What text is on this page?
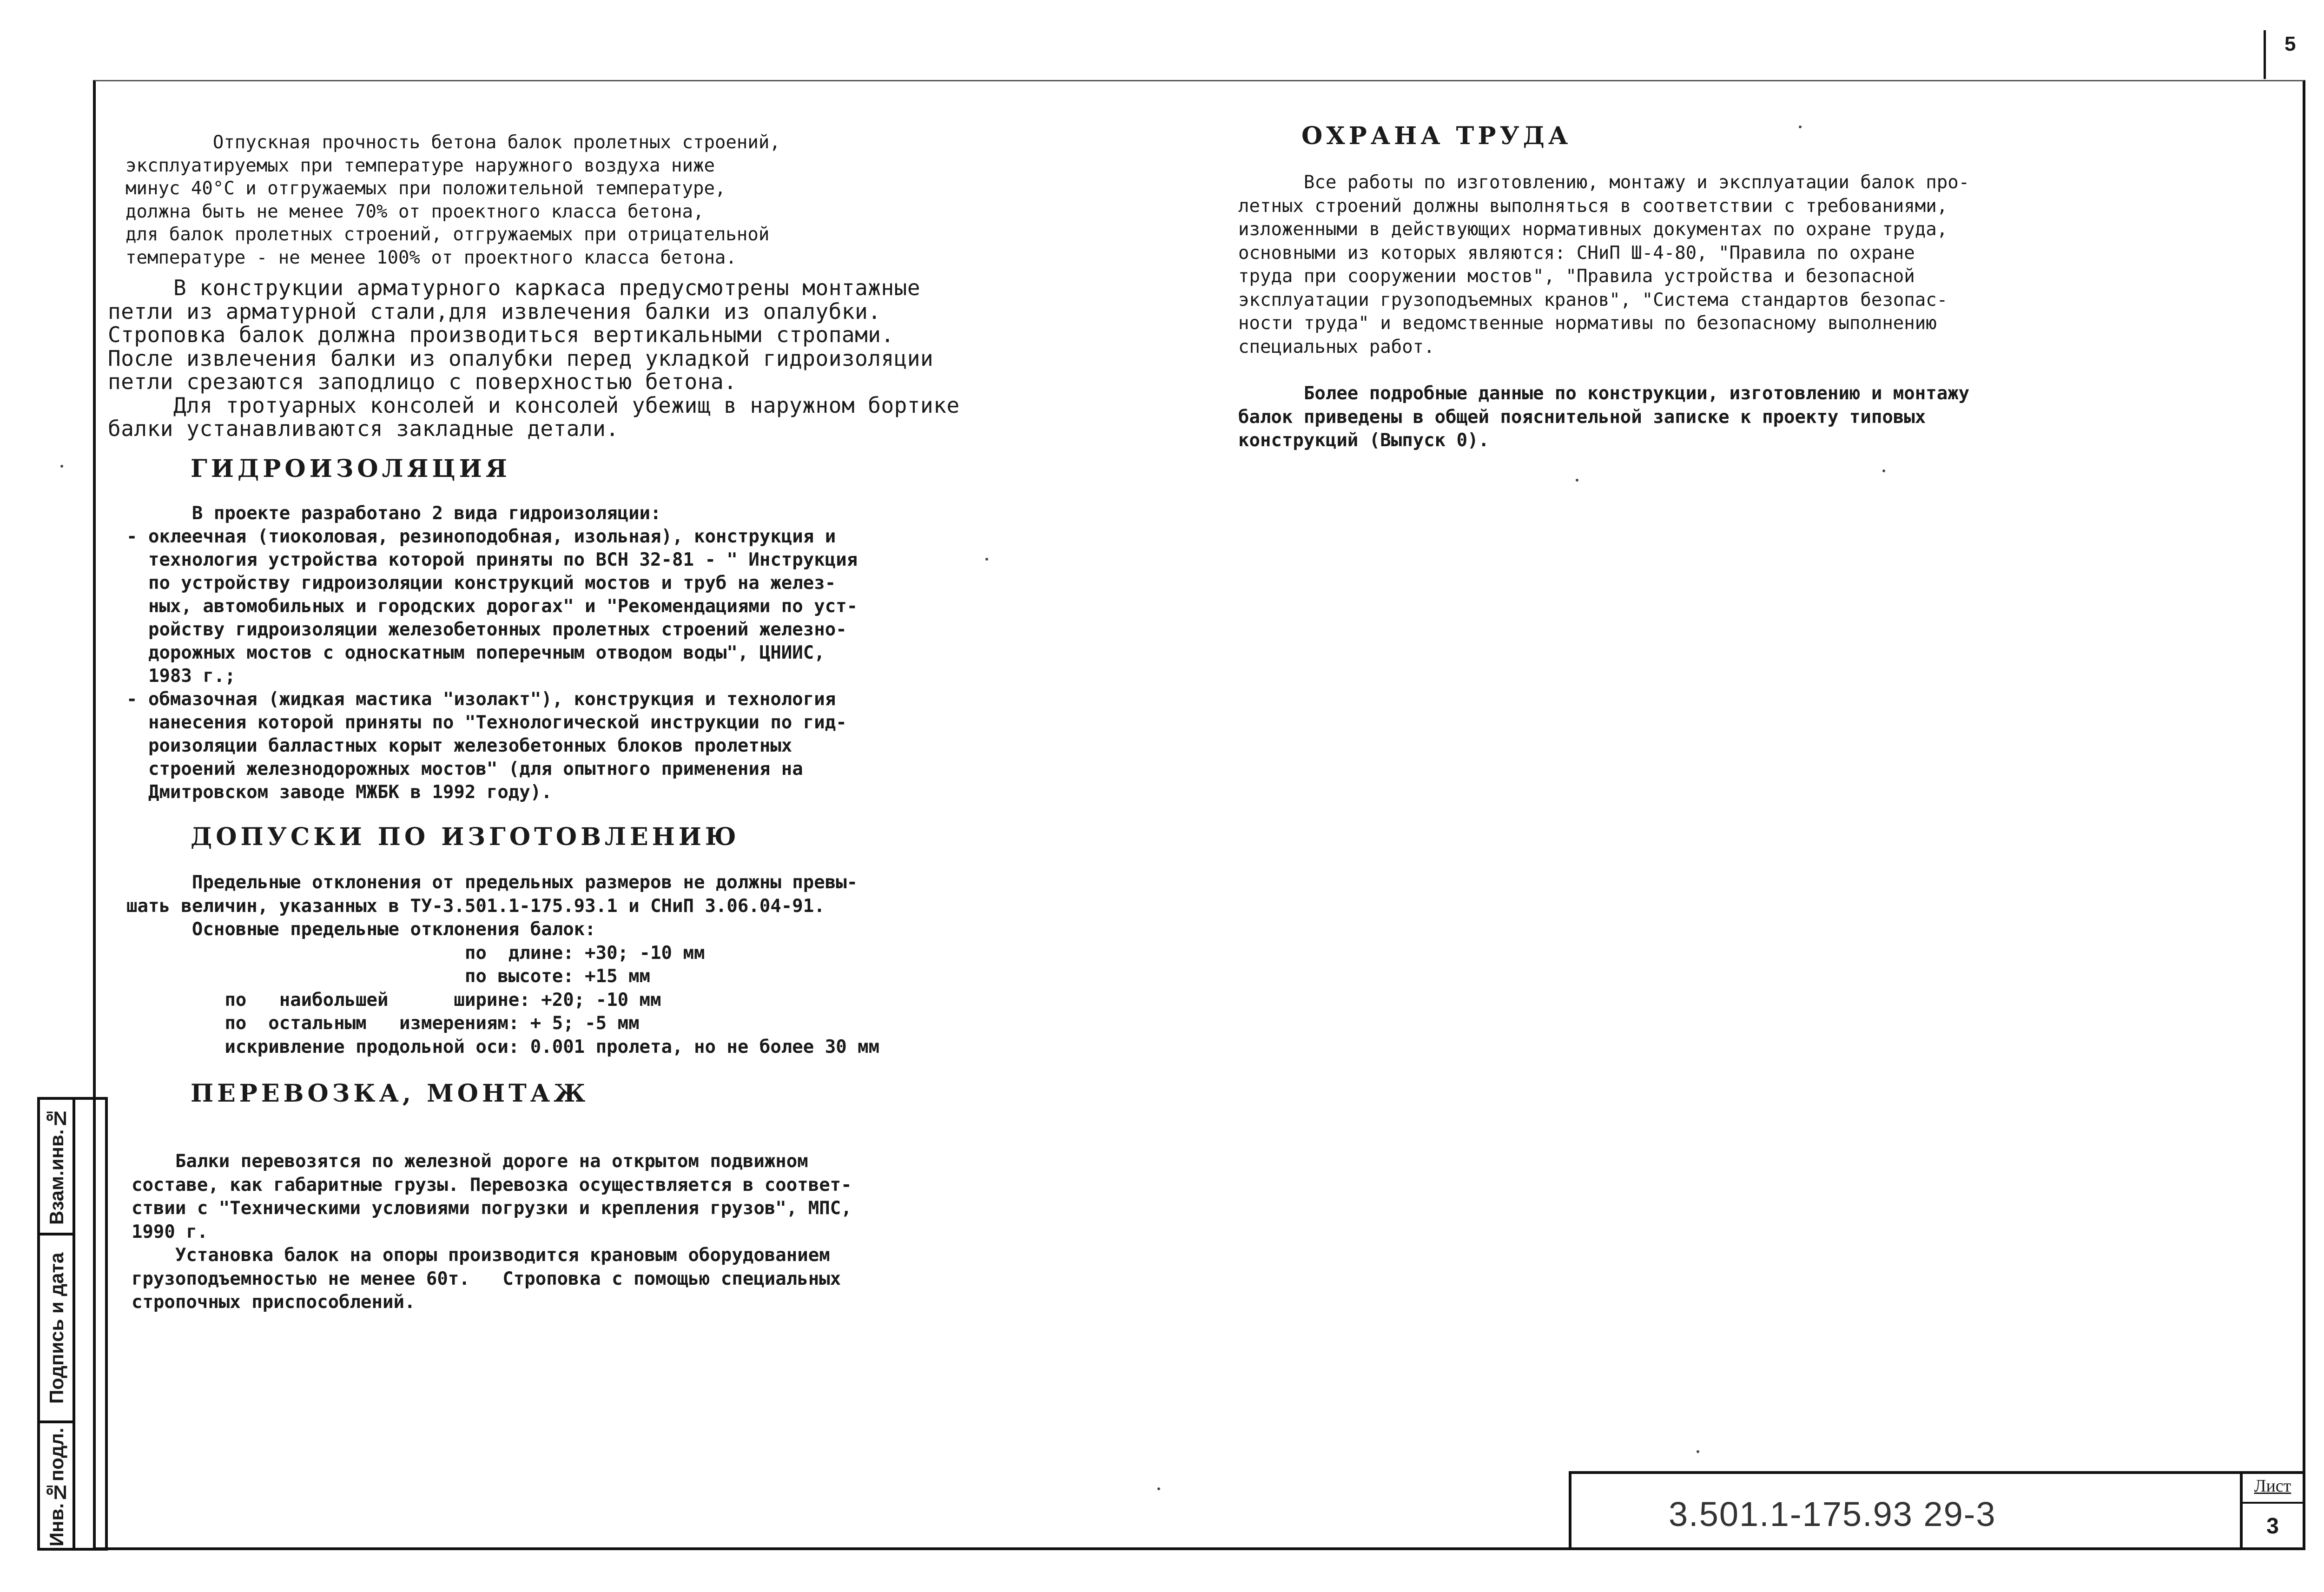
5
Взам.инв.№
Подпись и дата
Инв.№подл.
Отпускная прочность бетона балок пролетных строений,
эксплуатируемых при температуре наружного воздуха ниже
минус 40°С и отгружаемых при положительной температуре,
должна быть не менее 70% от проектного класса бетона,
для балок пролетных строений, отгружаемых при отрицательной
температуре - не менее 100% от проектного класса бетона.
В конструкции арматурного каркаса предусмотрены монтажные
петли из арматурной стали,для извлечения балки из опалубки.
Строповка балок должна производиться вертикальными стропами.
После извлечения балки из опалубки перед укладкой гидроизоляции
петли срезаются заподлицо с поверхностью бетона.
Для тротуарных консолей и консолей убежищ в наружном бортике
балки устанавливаются закладные детали.
ГИДРОИЗОЛЯЦИЯ
В проекте разработано 2 вида гидроизоляции:
- оклеечная (тиоколовая, резиноподобная, изольная), конструкция и
технология устройства которой приняты по ВСН 32-81 - " Инструкция
по устройству гидроизоляции конструкций мостов и труб на желез-
ных, автомобильных и городских дорогах" и "Рекомендациями по уст-
ройству гидроизоляции железобетонных пролетных строений железно-
дорожных мостов с односкатным поперечным отводом воды", ЦНИИС,
1983 г.;
- обмазочная (жидкая мастика "изолакт"), конструкция и технология
нанесения которой приняты по "Технологической инструкции по гид-
роизоляции балластных корыт железобетонных блоков пролетных
строений железнодорожных мостов" (для опытного применения на
Дмитровском заводе МЖБК в 1992 году).
ДОПУСКИ ПО ИЗГОТОВЛЕНИЮ
Предельные отклонения от предельных размеров не должны превы-
шать величин, указанных в ТУ-3.501.1-175.93.1 и СНиП 3.06.04-91.
Основные предельные отклонения балок:
по  длине: +30; -10 мм
по высоте: +15 мм
по   наибольшей      ширине: +20; -10 мм
по  остальным   измерениям: + 5; -5 мм
искривление продольной оси: 0.001 пролета, но не более 30 мм
ПЕРЕВОЗКА, МОНТАЖ
Балки перевозятся по железной дороге на открытом подвижном
составе, как габаритные грузы. Перевозка осуществляется в соответ-
ствии с "Техническими условиями погрузки и крепления грузов", МПС,
1990 г.
Установка балок на опоры производится крановым оборудованием
грузоподъемностью не менее 60т.   Строповка с помощью специальных
стропочных приспособлений.
ОХРАНА ТРУДА
Все работы по изготовлению, монтажу и эксплуатации балок про-
летных строений должны выполняться в соответствии с требованиями,
изложенными в действующих нормативных документах по охране труда,
основными из которых являются: СНиП Ш-4-80, "Правила по охране
труда при сооружении мостов", "Правила устройства и безопасной
эксплуатации грузоподъемных кранов", "Система стандартов безопас-
ности труда" и ведомственные нормативы по безопасному выполнению
специальных работ.
Более подробные данные по конструкции, изготовлению и монтажу
балок приведены в общей пояснительной записке к проекту типовых
конструкций (Выпуск 0).
3.501.1-175.93 29-3
Лист
3
